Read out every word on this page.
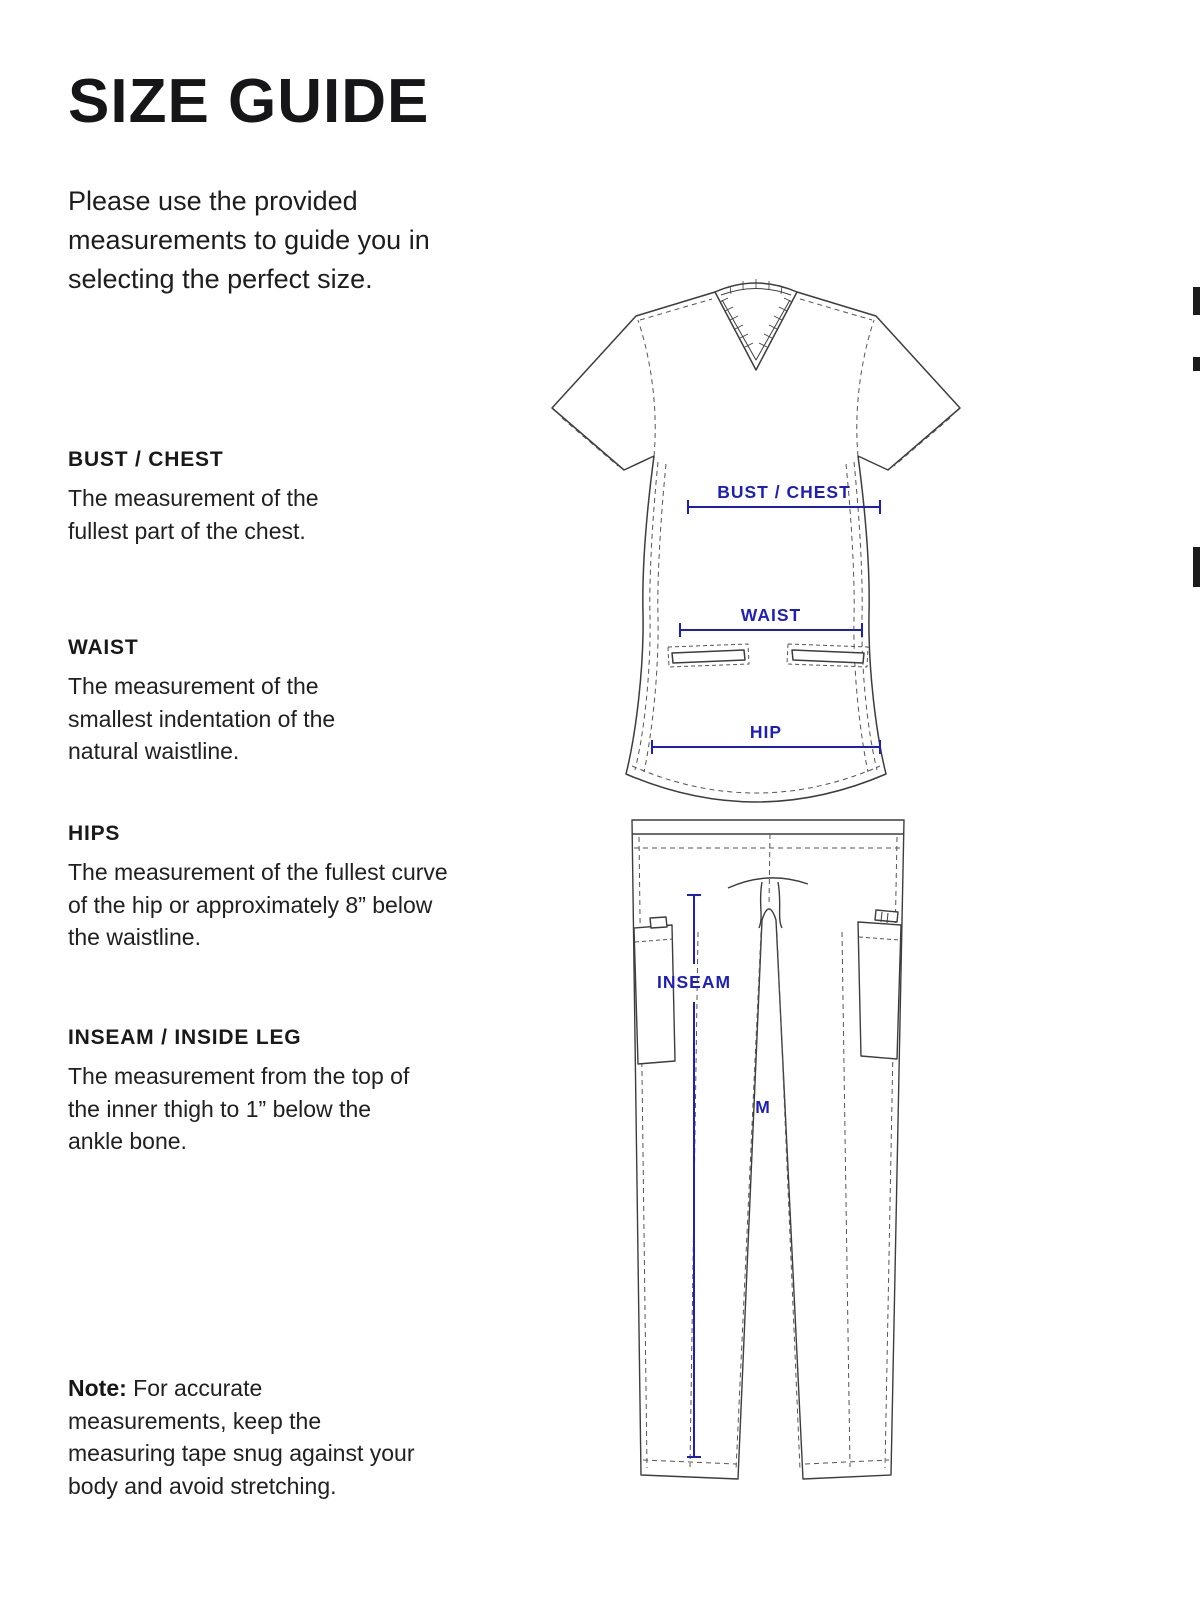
SIZE GUIDE
Please use the provided measurements to guide you in selecting the perfect size.
BUST / CHEST

The measurement of the fullest part of the chest.

WAIST

The measurement of the smallest indentation of the natural waistline.

HIPS

The measurement of the fullest curve of the hip or approximately 8” below the waistline.

INSEAM / INSIDE LEG

The measurement from the top of the inner thigh to 1” below the ankle bone.

Note: For accurate measurements, keep the measuring tape snug against your body and avoid stretching.
BUST / CHEST
WAIST
HIP
INSEAM
M
